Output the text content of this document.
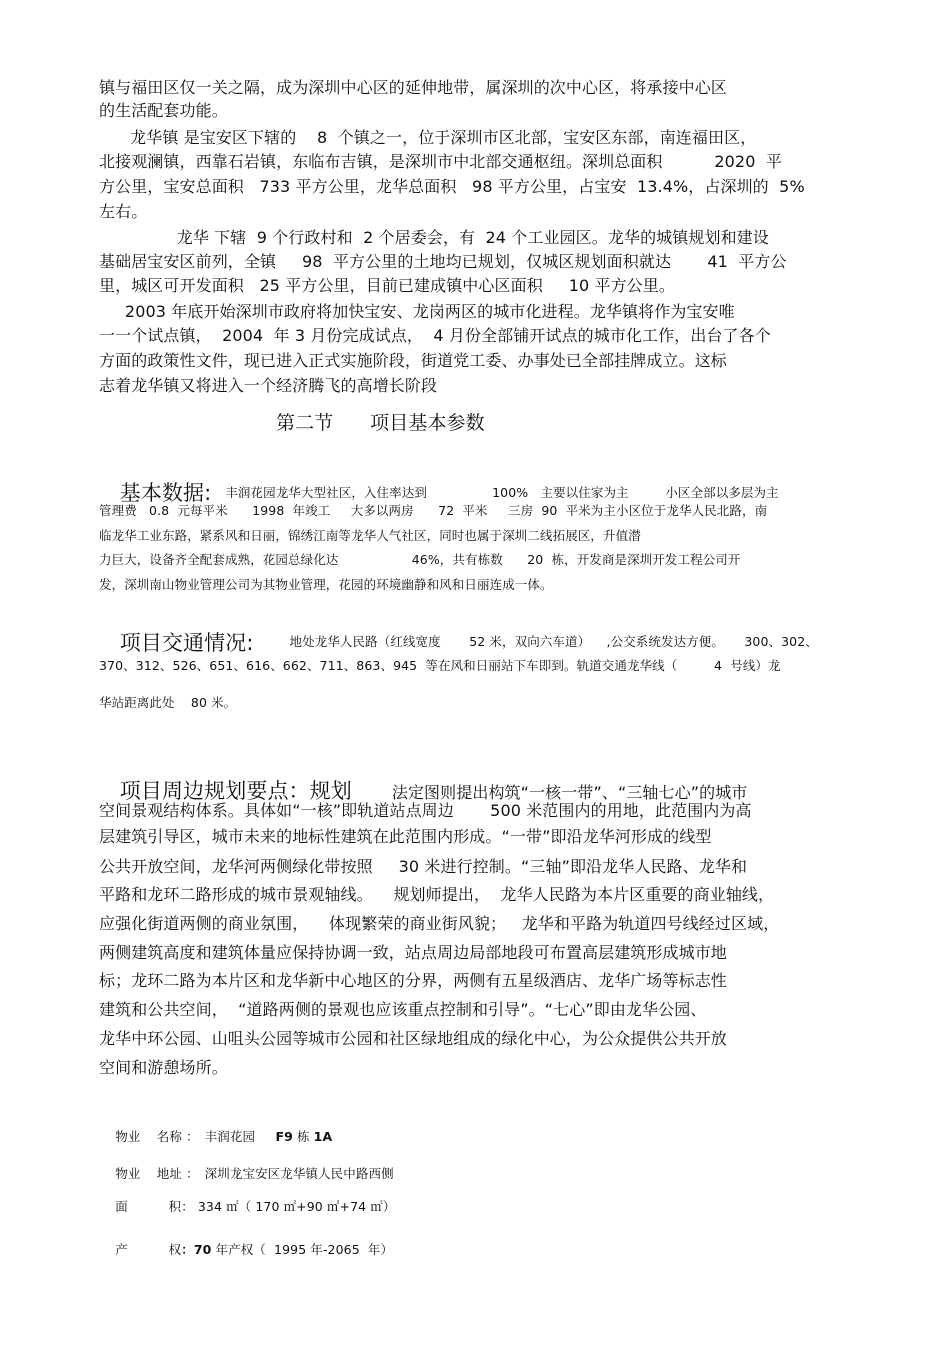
镇与福田区仅一关之隔，成为深圳中心区的延伸地带，属深圳的次中心区，将承接中心区
的生活配套功能。
龙华镇 是宝安区下辖的    8  个镇之一，位于深圳市区北部，宝安区东部，南连福田区，
北接观澜镇，西靠石岩镇，东临布吉镇，是深圳市中北部交通枢纽。深圳总面积          2020  平
方公里，宝安总面积   733 平方公里，龙华总面积   98 平方公里，占宝安  13.4%，占深圳的  5%
左右。
龙华 下辖  9 个行政村和  2 个居委会，有  24 个工业园区。龙华的城镇规划和建设
基础居宝安区前列，全镇     98  平方公里的土地均已规划，仅城区规划面积就达       41  平方公
里，城区可开发面积   25 平方公里，目前已建成镇中心区面积     10 平方公里。
2003 年底开始深圳市政府将加快宝安、龙岗两区的城市化进程。龙华镇将作为宝安唯
一一个试点镇，  2004  年 3 月份完成试点，  4 月份全部铺开试点的城市化工作，出台了各个
方面的政策性文件，现已进入正式实施阶段，街道党工委、办事处已全部挂牌成立。这标
志着龙华镇又将进入一个经济腾飞的高增长阶段
第二节      项目基本参数

基本数据: 丰润花园龙华大型社区，入住率达到                100%   主要以住家为主         小区全部以多层为主

管理费   0.8  元每平米      1998  年竣工     大多以两房      72  平米     三房  90  平米为主小区位于龙华人民北路，南
临龙华工业东路，紧系风和日丽，锦绣江南等龙华人气社区，同时也属于深圳二线拓展区，升值潜
力巨大，设备齐全配套成熟，花园总绿化达                  46%，共有栋数      20  栋，开发商是深圳开发工程公司开
发，深圳南山物业管理公司为其物业管理，花园的环境幽静和风和日丽连成一体。

项目交通情况:	$^{地处龙华人民路(红线宽度 52 米,双向六车道) ,公交系统发达方便。 300、302、}$

370、312、526、651、616、662、711、863、945  等在风和日丽站下车即到。轨道交通龙华线（         4  号线）龙
华站距离此处    80 米。

项目周边规划要点：规划	法定图则提出构筑“一核一带”、“三轴七心”的城市

空间景观结构体系。具体如“一核”即轨道站点周边       500 米范围内的用地，此范围内为高
层建筑引导区，城市未来的地标性建筑在此范围内形成。“一带”即沿龙华河形成的线型
公共开放空间，龙华河两侧绿化带按照     30 米进行控制。“三轴”即沿龙华人民路、龙华和
平路和龙环二路形成的城市景观轴线。    规划师提出，  龙华人民路为本片区重要的商业轴线，
应强化街道两侧的商业氛围，    体现繁荣的商业街风貌；   龙华和平路为轨道四号线经过区域，
两侧建筑高度和建筑体量应保持协调一致，站点周边局部地段可布置高层建筑形成城市地
标；龙环二路为本片区和龙华新中心地区的分界，两侧有五星级酒店、龙华广场等标志性
建筑和公共空间，  “道路两侧的景观也应该重点控制和引导”。“七心”即由龙华公园、
龙华中环公园、山咀头公园等城市公园和社区绿地组成的绿化中心，为公众提供公共开放
空间和游憩场所。

物业    名称 ： 丰润花园     F9 栋 1A

物业    地址 ： 深圳龙宝安区龙华镇人民中路西侧

面          积： 334 ㎡（ 170 ㎡+90 ㎡+74 ㎡）

产          权：70 年产权（  1995 年-2065  年）
